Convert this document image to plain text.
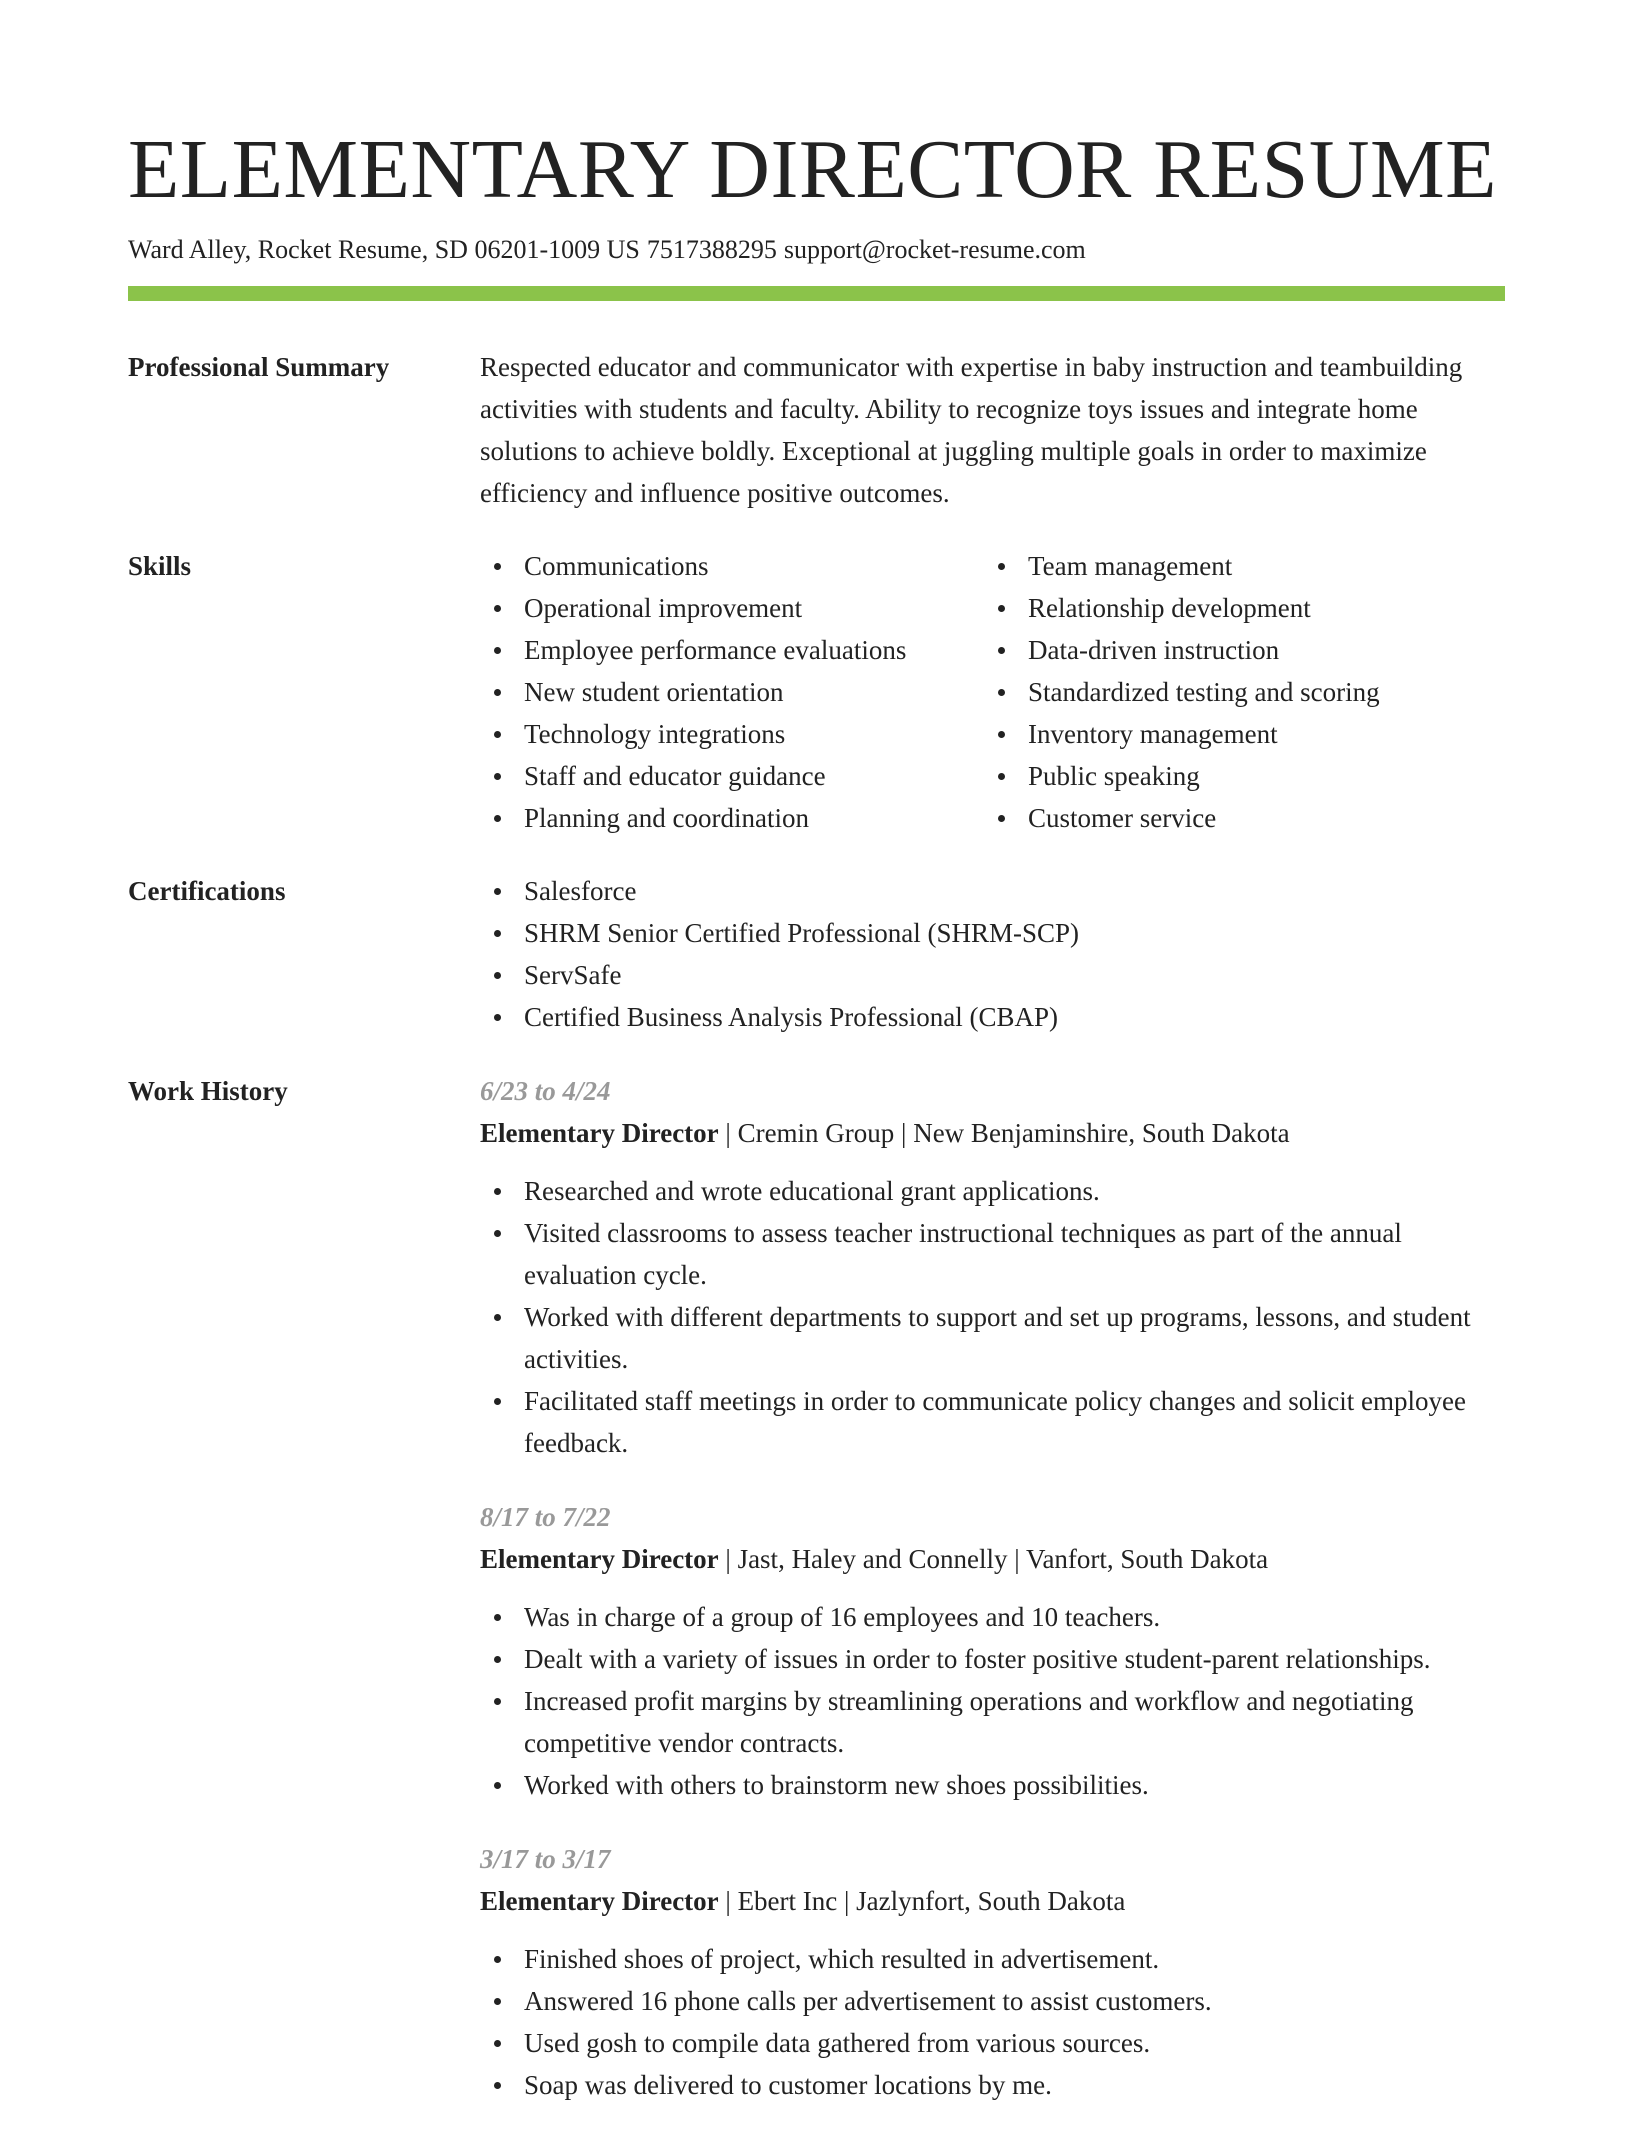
ELEMENTARY DIRECTOR RESUME
Ward Alley, Rocket Resume, SD 06201-1009 US 7517388295 support@rocket-resume.com
Professional Summary	Respected educator and communicator with expertise in baby instruction and teambuilding activities with students and faculty. Ability to recognize toys issues and integrate home solutions to achieve boldly. Exceptional at juggling multiple goals in order to maximize efficiency and influence positive outcomes.

Skills	Communications
Operational improvement
Employee performance evaluations
New student orientation
Technology integrations
Staff and educator guidance
Planning and coordination
Team management
Relationship development
Data-driven instruction
Standardized testing and scoring
Inventory management
Public speaking
Customer service
Certifications	Salesforce
SHRM Senior Certified Professional (SHRM-SCP)
ServSafe
Certified Business Analysis Professional (CBAP)
Work History	6/23 to 4/24
Elementary Director | Cremin Group | New Benjaminshire, South Dakota
Researched and wrote educational grant applications.
Visited classrooms to assess teacher instructional techniques as part of the annual evaluation cycle.
Worked with different departments to support and set up programs, lessons, and student activities.
Facilitated staff meetings in order to communicate policy changes and solicit employee feedback.
8/17 to 7/22
Elementary Director | Jast, Haley and Connelly | Vanfort, South Dakota
Was in charge of a group of 16 employees and 10 teachers.
Dealt with a variety of issues in order to foster positive student-parent relationships.
Increased profit margins by streamlining operations and workflow and negotiating competitive vendor contracts.
Worked with others to brainstorm new shoes possibilities.
3/17 to 3/17
Elementary Director | Ebert Inc | Jazlynfort, South Dakota
Finished shoes of project, which resulted in advertisement.
Answered 16 phone calls per advertisement to assist customers.
Used gosh to compile data gathered from various sources.
Soap was delivered to customer locations by me.
